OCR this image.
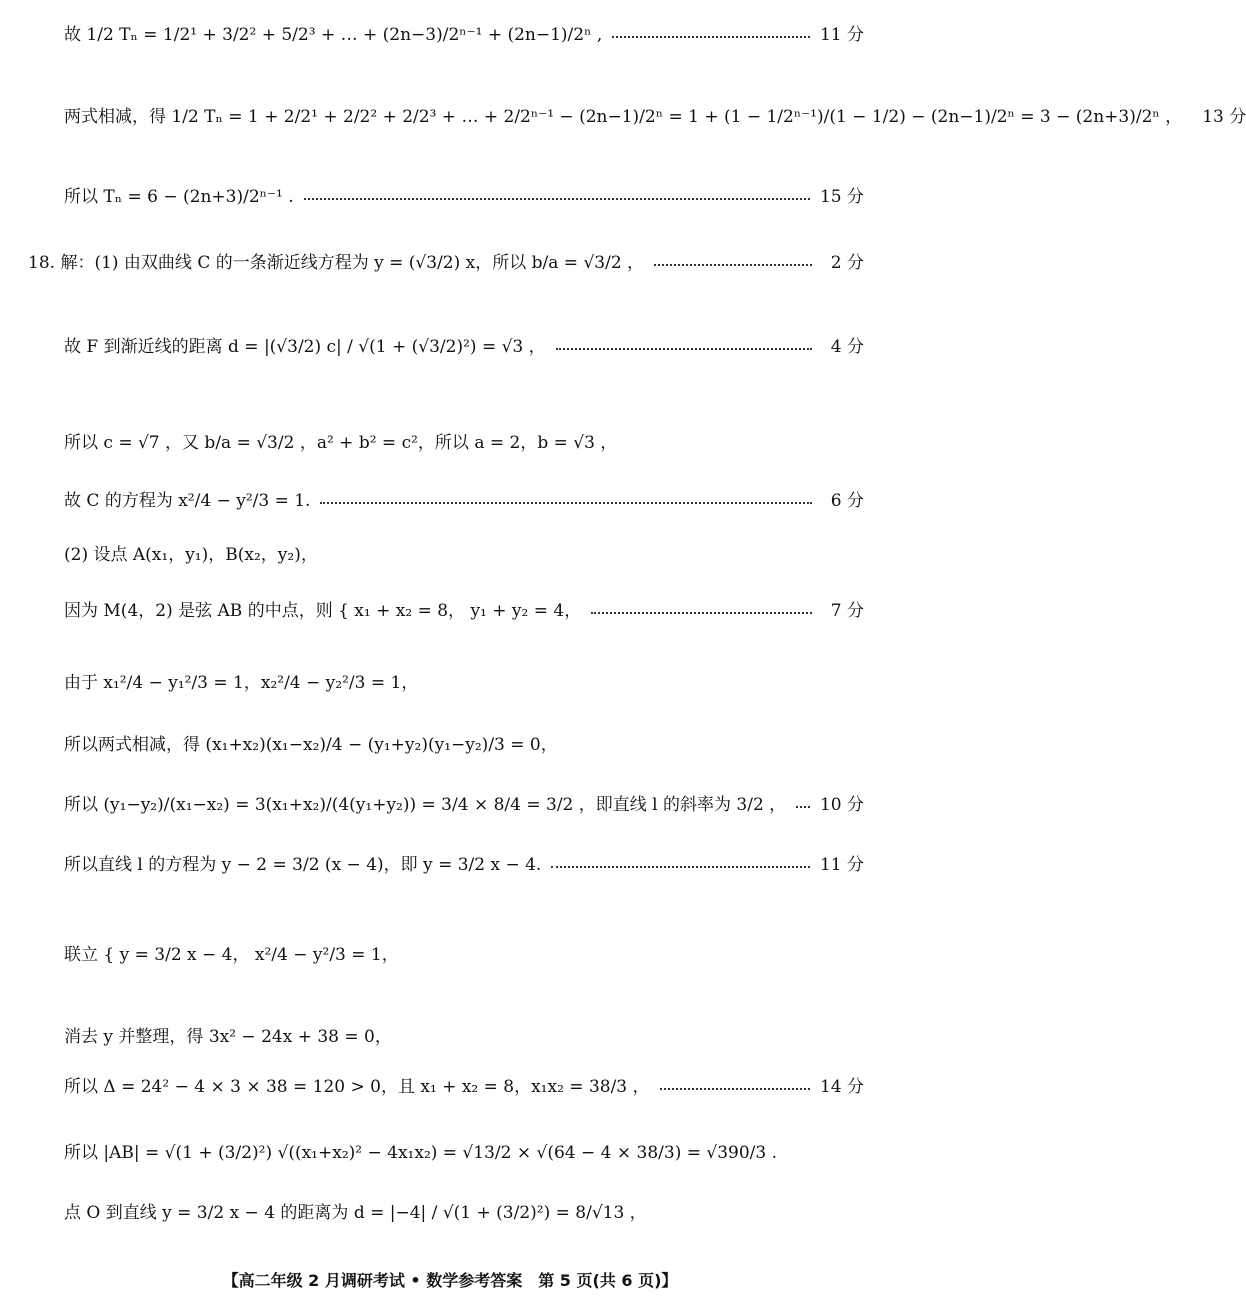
故 1/2 Tₙ = 1/2¹ + 3/2² + 5/2³ + … + (2n−3)/2ⁿ⁻¹ + (2n−1)/2ⁿ ,	11 分
两式相减，得 1/2 Tₙ = 1 + 2/2¹ + 2/2² + 2/2³ + … + 2/2ⁿ⁻¹ − (2n−1)/2ⁿ = 1 + (1 − 1/2ⁿ⁻¹)/(1 − 1/2) − (2n−1)/2ⁿ = 3 − (2n+3)/2ⁿ ， 13 分
所以 Tₙ = 6 − (2n+3)/2ⁿ⁻¹ .	15 分
18. 解：(1) 由双曲线 C 的一条渐近线方程为 y = (√3/2) x，所以 b/a = √3/2 ，	2 分
故 F 到渐近线的距离 d = |(√3/2) c| / √(1 + (√3/2)²) = √3 ，	4 分
所以 c = √7 ，又 b/a = √3/2 ，a² + b² = c²，所以 a = 2，b = √3 ，
故 C 的方程为 x²/4 − y²/3 = 1.	6 分
(2) 设点 A(x₁，y₁)，B(x₂，y₂)，
因为 M(4，2) 是弦 AB 的中点，则 { x₁ + x₂ = 8， y₁ + y₂ = 4，	7 分
由于 x₁²/4 − y₁²/3 = 1，x₂²/4 − y₂²/3 = 1，
所以两式相减，得 (x₁+x₂)(x₁−x₂)/4 − (y₁+y₂)(y₁−y₂)/3 = 0，
所以 (y₁−y₂)/(x₁−x₂) = 3(x₁+x₂)/(4(y₁+y₂)) = 3/4 × 8/4 = 3/2 ，即直线 l 的斜率为 3/2 ， 10 分
所以直线 l 的方程为 y − 2 = 3/2 (x − 4)，即 y = 3/2 x − 4.	11 分
联立 { y = 3/2 x − 4， x²/4 − y²/3 = 1，
消去 y 并整理，得 3x² − 24x + 38 = 0，
所以 Δ = 24² − 4 × 3 × 38 = 120 > 0，且 x₁ + x₂ = 8，x₁x₂ = 38/3 ，	14 分
所以 |AB| = √(1 + (3/2)²) √((x₁+x₂)² − 4x₁x₂) = √13/2 × √(64 − 4 × 38/3) = √390/3 .
点 O 到直线 y = 3/2 x − 4 的距离为 d = |−4| / √(1 + (3/2)²) = 8/√13 ，
【高二年级 2 月调研考试 • 数学参考答案　第 5 页(共 6 页)】
